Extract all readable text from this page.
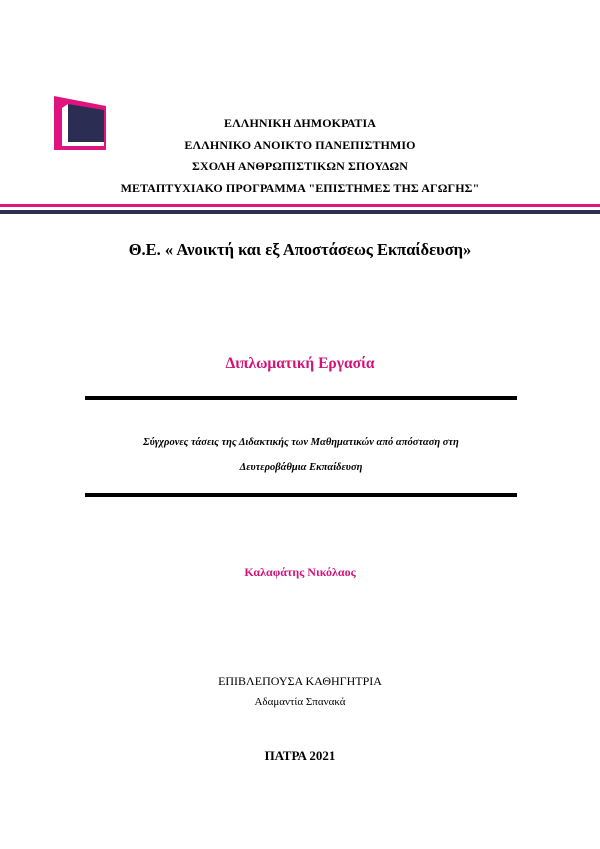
ΕΛΛΗΝΙΚΗ ΔΗΜΟΚΡΑΤΙΑ
ΕΛΛΗΝΙΚΟ ΑΝΟΙΚΤΟ ΠΑΝΕΠΙΣΤΗΜΙΟ
ΣΧΟΛΗ ΑΝΘΡΩΠΙΣΤΙΚΩΝ ΣΠΟΥΔΩΝ
ΜΕΤΑΠΤΥΧΙΑΚΟ ΠΡΟΓΡΑΜΜΑ "ΕΠΙΣΤΗΜΕΣ ΤΗΣ ΑΓΩΓΗΣ"
Θ.Ε. « Ανοικτή και εξ Αποστάσεως Εκπαίδευση»
Διπλωματική Εργασία
Σύγχρονες τάσεις της Διδακτικής των Μαθηματικών από απόσταση στη
Δευτεροβάθμια Εκπαίδευση
Καλαφάτης Νικόλαος
ΕΠΙΒΛΕΠΟΥΣΑ ΚΑΘΗΓΗΤΡΙΑ
Αδαμαντία Σπανακά
ΠΑΤΡΑ 2021
